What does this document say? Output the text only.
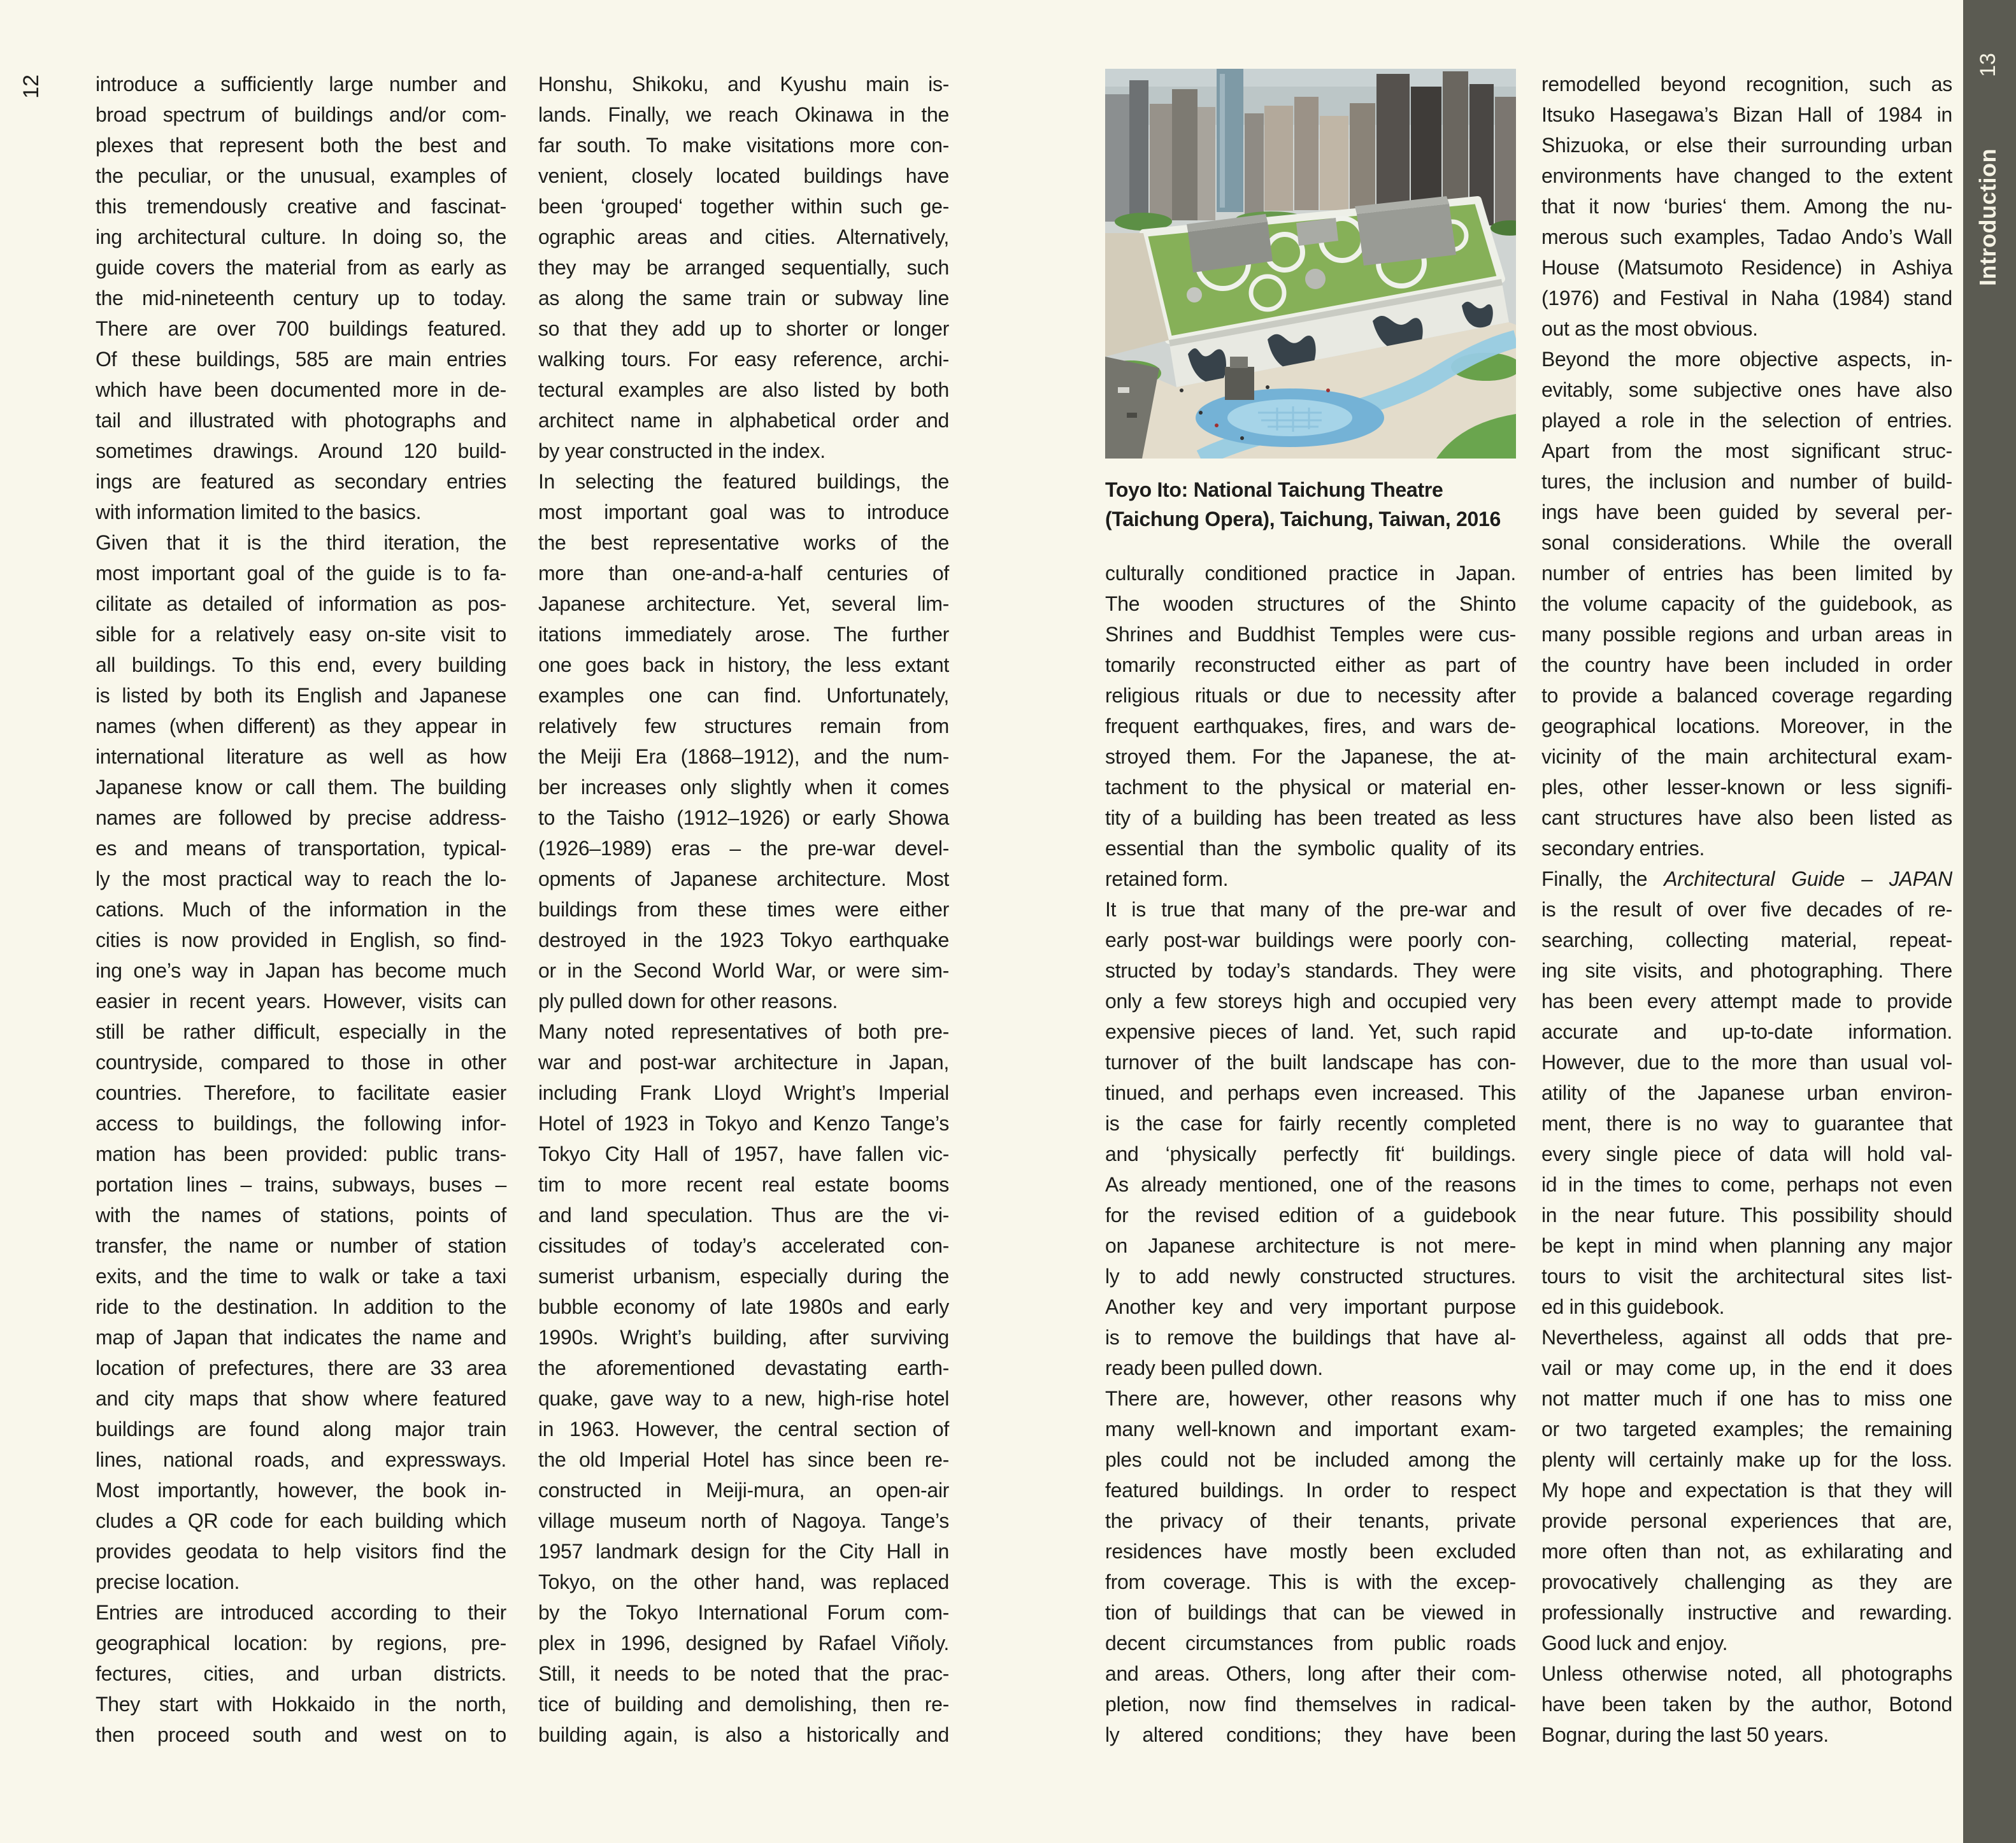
12	introduce a sufficiently large number and
broad spectrum of buildings and/or com-
plexes that represent both the best and
the peculiar, or the unusual, examples of
this tremendously creative and fascinat-
ing architectural culture. In doing so, the
guide covers the material from as early as
the mid-nineteenth century up to today.
There are over 700 buildings featured.
Of these buildings, 585 are main entries
which have been documented more in de-
tail and illustrated with photographs and
sometimes drawings. Around 120 build-
ings are featured as secondary entries
with information limited to the basics.
Given that it is the third iteration, the
most important goal of the guide is to fa-
cilitate as detailed of information as pos-
sible for a relatively easy on-site visit to
all buildings. To this end, every building
is listed by both its English and Japanese
names (when different) as they appear in
international literature as well as how
Japanese know or call them. The building
names are followed by precise address-
es and means of transportation, typical-
ly the most practical way to reach the lo-
cations. Much of the information in the
cities is now provided in English, so find-
ing one’s way in Japan has become much
easier in recent years. However, visits can
still be rather difficult, especially in the
countryside, compared to those in other
countries. Therefore, to facilitate easier
access to buildings, the following infor-
mation has been provided: public trans-
portation lines – trains, subways, buses –
with the names of stations, points of
transfer, the name or number of station
exits, and the time to walk or take a taxi
ride to the destination. In addition to the
map of Japan that indicates the name and
location of prefectures, there are 33 area
and city maps that show where featured
buildings are found along major train
lines, national roads, and expressways.
Most importantly, however, the book in-
cludes a QR code for each building which
provides geodata to help visitors find the
precise location.
Entries are introduced according to their
geographical location: by regions, pre-
fectures, cities, and urban districts.
They start with Hokkaido in the north,
then proceed south and west on to
Honshu, Shikoku, and Kyushu main is-
lands. Finally, we reach Okinawa in the
far south. To make visitations more con-
venient, closely located buildings have
been ‘grouped‘ together within such ge-
ographic areas and cities. Alternatively,
they may be arranged sequentially, such
as along the same train or subway line
so that they add up to shorter or longer
walking tours. For easy reference, archi-
tectural examples are also listed by both
architect name in alphabetical order and
by year constructed in the index.
In selecting the featured buildings, the
most important goal was to introduce
the best representative works of the
more than one-and-a-half centuries of
Japanese architecture. Yet, several lim-
itations immediately arose. The further
one goes back in history, the less extant
examples one can find. Unfortunately,
relatively few structures remain from
the Meiji Era (1868–1912), and the num-
ber increases only slightly when it comes
to the Taisho (1912–1926) or early Showa
(1926–1989) eras – the pre-war devel-
opments of Japanese architecture. Most
buildings from these times were either
destroyed in the 1923 Tokyo earthquake
or in the Second World War, or were sim-
ply pulled down for other reasons.
Many noted representatives of both pre-
war and post-war architecture in Japan,
including Frank Lloyd Wright’s Imperial
Hotel of 1923 in Tokyo and Kenzo Tange’s
Tokyo City Hall of 1957, have fallen vic-
tim to more recent real estate booms
and land speculation. Thus are the vi-
cissitudes of today’s accelerated con-
sumerist urbanism, especially during the
bubble economy of late 1980s and early
1990s. Wright’s building, after surviving
the aforementioned devastating earth-
quake, gave way to a new, high-rise hotel
in 1963. However, the central section of
the old Imperial Hotel has since been re-
constructed in Meiji-mura, an open-air
village museum north of Nagoya. Tange’s
1957 landmark design for the City Hall in
Tokyo, on the other hand, was replaced
by the Tokyo International Forum com-
plex in 1996, designed by Rafael Viñoly.
Still, it needs to be noted that the prac-
tice of building and demolishing, then re-
building again, is also a historically and
Toyo Ito: National Taichung Theatre
(Taichung Opera), Taichung, Taiwan, 2016
culturally conditioned practice in Japan.
The wooden structures of the Shinto
Shrines and Buddhist Temples were cus-
tomarily reconstructed either as part of
religious rituals or due to necessity after
frequent earthquakes, fires, and wars de-
stroyed them. For the Japanese, the at-
tachment to the physical or material en-
tity of a building has been treated as less
essential than the symbolic quality of its
retained form.
It is true that many of the pre-war and
early post-war buildings were poorly con-
structed by today’s standards. They were
only a few storeys high and occupied very
expensive pieces of land. Yet, such rapid
turnover of the built landscape has con-
tinued, and perhaps even increased. This
is the case for fairly recently completed
and ‘physically perfectly fit‘ buildings.
As already mentioned, one of the reasons
for the revised edition of a guidebook
on Japanese architecture is not mere-
ly to add newly constructed structures.
Another key and very important purpose
is to remove the buildings that have al-
ready been pulled down.
There are, however, other reasons why
many well-known and important exam-
ples could not be included among the
featured buildings. In order to respect
the privacy of their tenants, private
residences have mostly been excluded
from coverage. This is with the excep-
tion of buildings that can be viewed in
decent circumstances from public roads
and areas. Others, long after their com-
pletion, now find themselves in radical-
ly altered conditions; they have been
remodelled beyond recognition, such as
Itsuko Hasegawa’s Bizan Hall of 1984 in
Shizuoka, or else their surrounding urban
environments have changed to the extent
that it now ‘buries‘ them. Among the nu-
merous such examples, Tadao Ando’s Wall
House (Matsumoto Residence) in Ashiya
(1976) and Festival in Naha (1984) stand
out as the most obvious.
Beyond the more objective aspects, in-
evitably, some subjective ones have also
played a role in the selection of entries.
Apart from the most significant struc-
tures, the inclusion and number of build-
ings have been guided by several per-
sonal considerations. While the overall
number of entries has been limited by
the volume capacity of the guidebook, as
many possible regions and urban areas in
the country have been included in order
to provide a balanced coverage regarding
geographical locations. Moreover, in the
vicinity of the main architectural exam-
ples, other lesser-known or less signifi-
cant structures have also been listed as
secondary entries.
Finally, the Architectural Guide – JAPAN
is the result of over five decades of re-
searching, collecting material, repeat-
ing site visits, and photographing. There
has been every attempt made to provide
accurate and up-to-date information.
However, due to the more than usual vol-
atility of the Japanese urban environ-
ment, there is no way to guarantee that
every single piece of data will hold val-
id in the times to come, perhaps not even
in the near future. This possibility should
be kept in mind when planning any major
tours to visit the architectural sites list-
ed in this guidebook.
Nevertheless, against all odds that pre-
vail or may come up, in the end it does
not matter much if one has to miss one
or two targeted examples; the remaining
plenty will certainly make up for the loss.
My hope and expectation is that they will
provide personal experiences that are,
more often than not, as exhilarating and
provocatively challenging as they are
professionally instructive and rewarding.
Good luck and enjoy.
Unless otherwise noted, all photographs
have been taken by the author, Botond
Bognar, during the last 50 years.
13
Introduction
